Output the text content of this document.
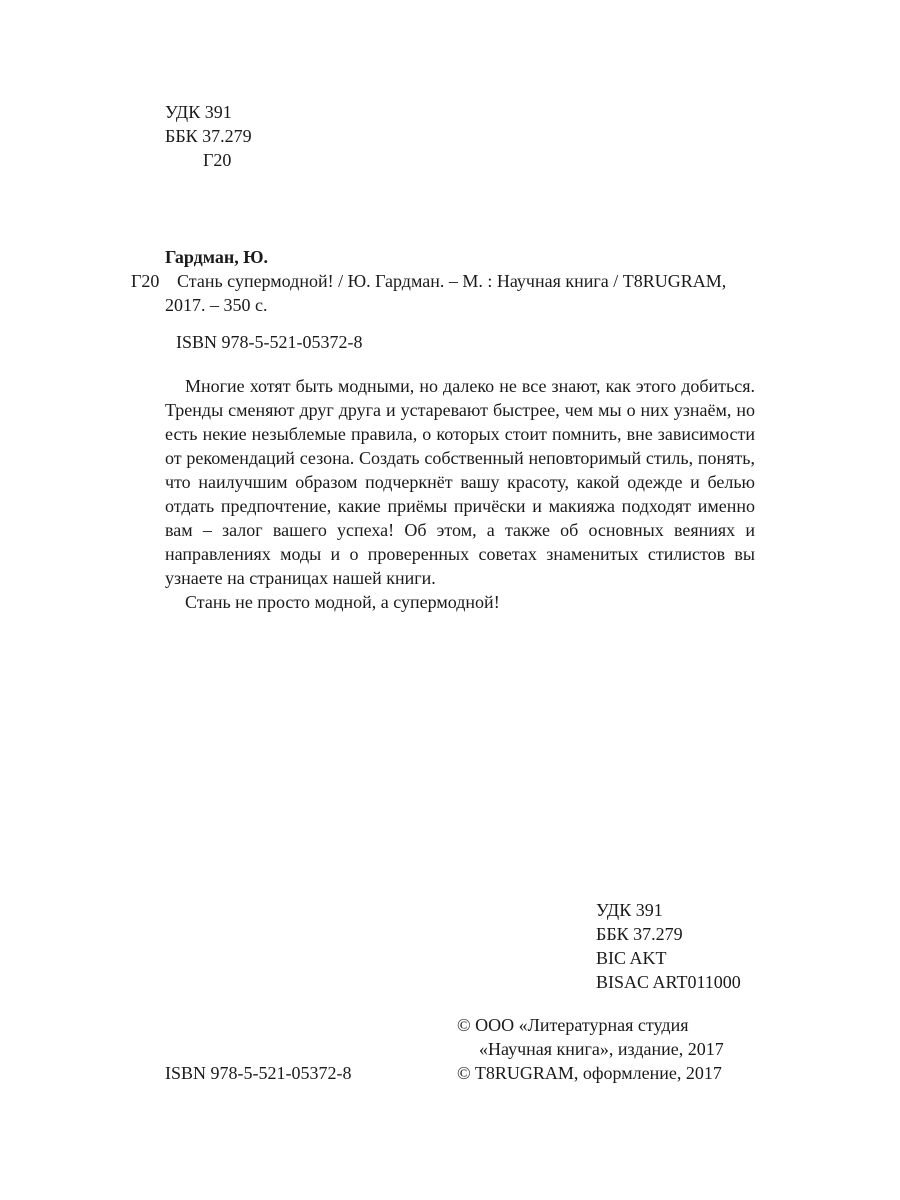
УДК 391
ББК 37.279
Г20
Гардман, Ю.
Г20 Стань супермодной! / Ю. Гардман. – М. : Научная книга / T8RUGRAM,
2017. – 350 с.
ISBN 978-5-521-05372-8

Многие хотят быть модными, но далеко не все знают, как этого добиться. Тренды сменяют друг друга и устаревают быстрее, чем мы о них узнаём, но есть некие незыблемые правила, о которых стоит помнить, вне зависимости от рекомендаций сезона. Создать собственный неповторимый стиль, понять, что наилучшим образом подчеркнёт вашу красоту, какой одежде и белью отдать предпочтение, какие приёмы причёски и макияжа подходят именно вам – залог вашего успеха! Об этом, а также об основных веяниях и направлениях моды и о проверенных советах знаменитых стилистов вы узнаете на страницах нашей книги.

Стань не просто модной, а супермодной!

УДК 391
ББК 37.279
BIC AKT
BISAC ART011000
© ООО «Литературная студия
«Научная книга», издание, 2017
© T8RUGRAM, оформление, 2017
ISBN 978-5-521-05372-8
